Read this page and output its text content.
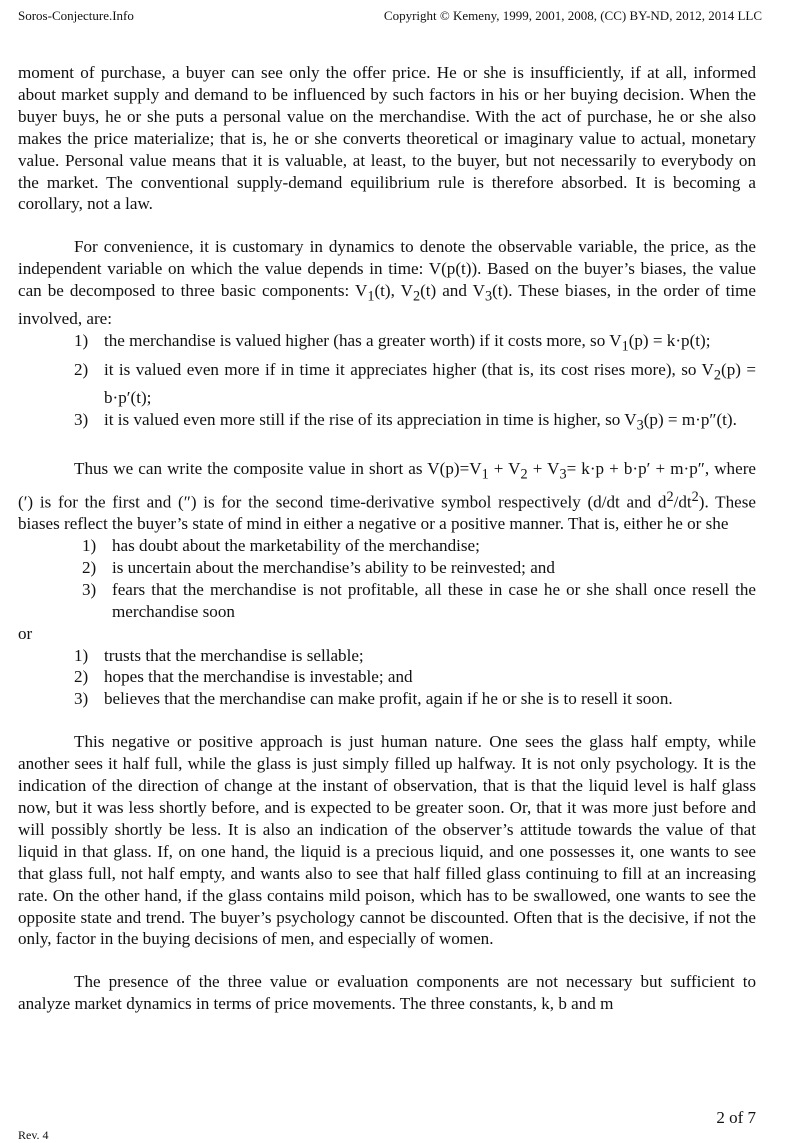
Soros-Conjecture.Info	Copyright © Kemeny, 1999, 2001, 2008, (CC) BY-ND, 2012, 2014 LLC

moment of purchase, a buyer can see only the offer price. He or she is insufficiently, if at all, informed about market supply and demand to be influenced by such factors in his or her buying decision. When the buyer buys, he or she puts a personal value on the merchandise. With the act of purchase, he or she also makes the price materialize; that is, he or she converts theoretical or imaginary value to actual, monetary value. Personal value means that it is valuable, at least, to the buyer, but not necessarily to everybody on the market. The conventional supply-demand equilibrium rule is therefore absorbed. It is becoming a corollary, not a law.

For convenience, it is customary in dynamics to denote the observable variable, the price, as the independent variable on which the value depends in time: V(p(t)). Based on the buyer’s biases, the value can be decomposed to three basic components: $V_1(t)$, $V_2(t)$ and $V_3(t)$. These biases, in the order of time involved, are:

1) the merchandise is valued higher (has a greater worth) if it costs more, so $V_1(p) = k\cdot p(t)$;
2) it is valued even more if in time it appreciates higher (that is, its cost rises more), so $V_2(p) = b\cdot p'(t)$;
3) it is valued even more still if the rise of its appreciation in time is higher, so $V_3(p) = m\cdot p''(t)$.

Thus we can write the composite value in short as $V(p)=V_1 + V_2 + V_3= k\cdot p + b\cdot p' + m\cdot p''$, where (′) is for the first and (″) is for the second time-derivative symbol respectively (d/dt and $d^2/dt^2$). These biases reflect the buyer’s state of mind in either a negative or a positive manner. That is, either he or she

1) has doubt about the marketability of the merchandise;
2) is uncertain about the merchandise’s ability to be reinvested; and
3) fears that the merchandise is not profitable, all these in case he or she shall once resell the merchandise soon

or

1) trusts that the merchandise is sellable;
2) hopes that the merchandise is investable; and
3) believes that the merchandise can make profit, again if he or she is to resell it soon.

This negative or positive approach is just human nature. One sees the glass half empty, while another sees it half full, while the glass is just simply filled up halfway. It is not only psychology. It is the indication of the direction of change at the instant of observation, that is that the liquid level is half glass now, but it was less shortly before, and is expected to be greater soon. Or, that it was more just before and will possibly shortly be less. It is also an indication of the observer’s attitude towards the value of that liquid in that glass. If, on one hand, the liquid is a precious liquid, and one possesses it, one wants to see that glass full, not half empty, and wants also to see that half filled glass continuing to fill at an increasing rate. On the other hand, if the glass contains mild poison, which has to be swallowed, one wants to see the opposite state and trend. The buyer’s psychology cannot be discounted. Often that is the decisive, if not the only, factor in the buying decisions of men, and especially of women.

The presence of the three value or evaluation components are not necessary but sufficient to analyze market dynamics in terms of price movements. The three constants, k, b and m

2 of 7
Rev. 4
